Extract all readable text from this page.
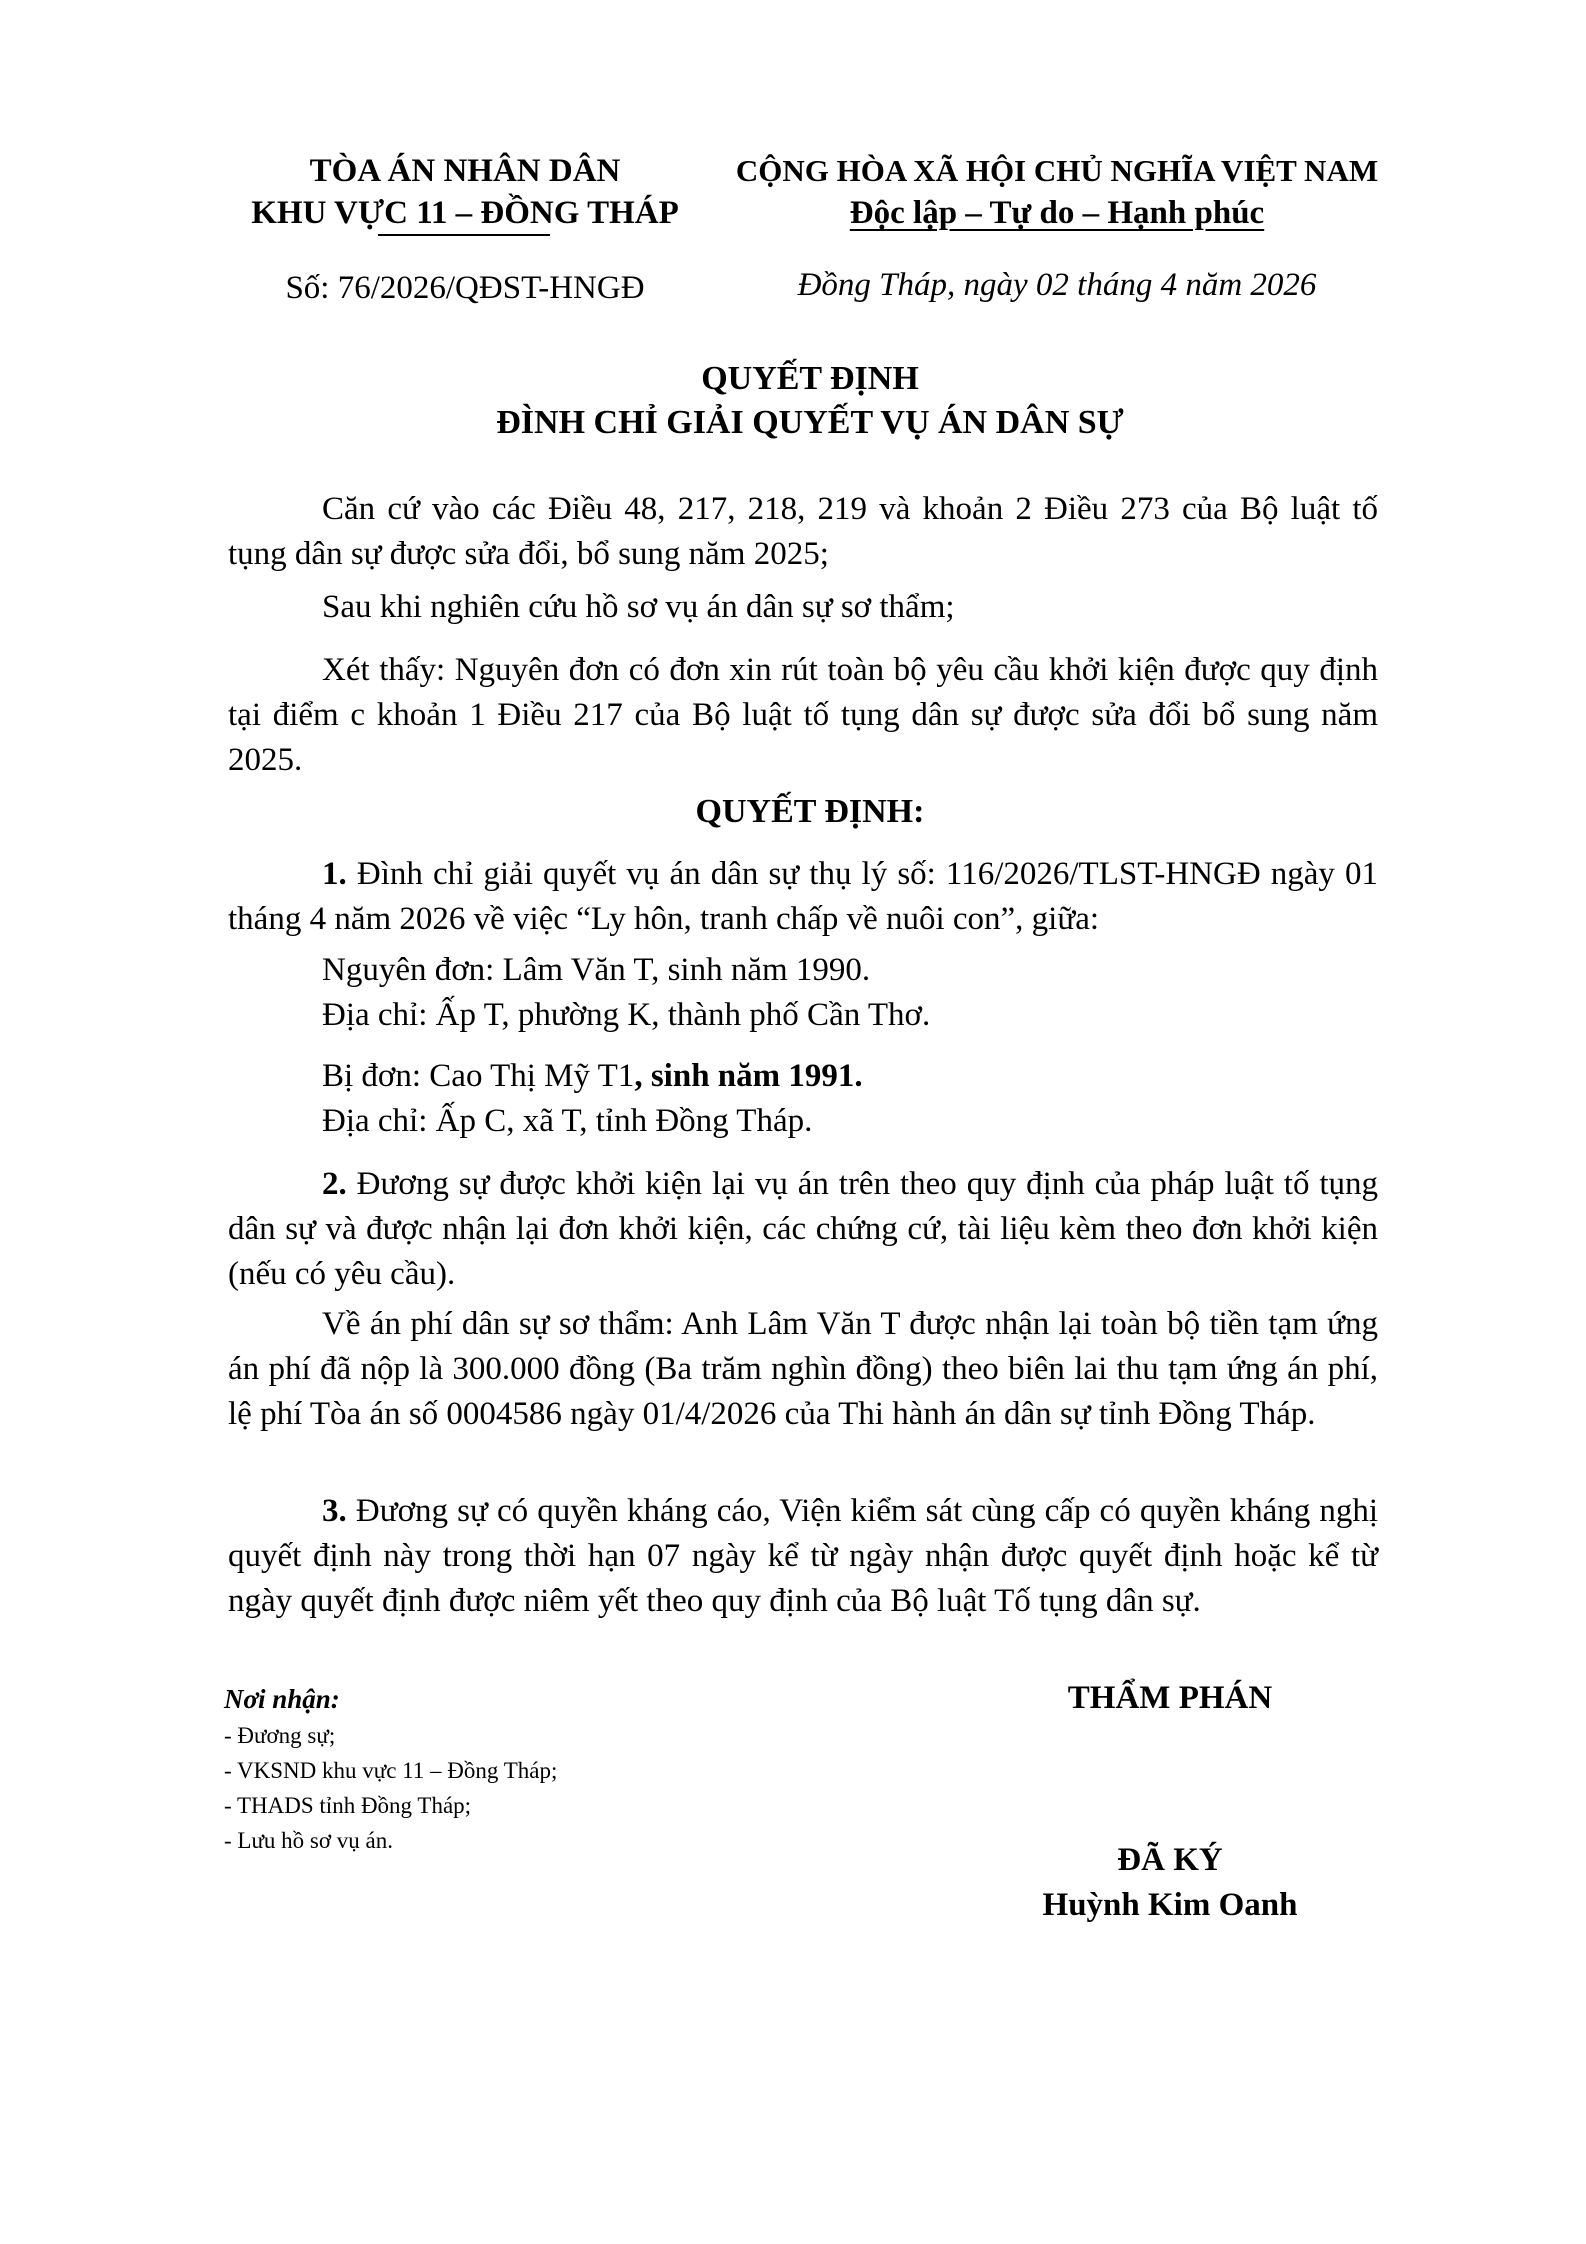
TÒA ÁN NHÂN DÂN
KHU VỰC 11 – ĐỒNG THÁP
CỘNG HÒA XÃ HỘI CHỦ NGHĨA VIỆT NAM
Độc lập – Tự do – Hạnh phúc
Số: 76/2026/QĐST-HNGĐ	Đồng Tháp, ngày 02 tháng 4 năm 2026
QUYẾT ĐỊNH
ĐÌNH CHỈ GIẢI QUYẾT VỤ ÁN DÂN SỰ

Căn cứ vào các Điều 48, 217, 218, 219 và khoản 2 Điều 273 của Bộ luật tố tụng dân sự được sửa đổi, bổ sung năm 2025;

Sau khi nghiên cứu hồ sơ vụ án dân sự sơ thẩm;

Xét thấy: Nguyên đơn có đơn xin rút toàn bộ yêu cầu khởi kiện được quy định tại điểm c khoản 1 Điều 217 của Bộ luật tố tụng dân sự được sửa đổi bổ sung năm 2025.

QUYẾT ĐỊNH:

1. Đình chỉ giải quyết vụ án dân sự thụ lý số: 116/2026/TLST-HNGĐ ngày 01 tháng 4 năm 2026 về việc “Ly hôn, tranh chấp về nuôi con”, giữa:

Nguyên đơn: Lâm Văn T, sinh năm 1990.
Địa chỉ: Ấp T, phường K, thành phố Cần Thơ.
Bị đơn: Cao Thị Mỹ T1, sinh năm 1991.
Địa chỉ: Ấp C, xã T, tỉnh Đồng Tháp.

2. Đương sự được khởi kiện lại vụ án trên theo quy định của pháp luật tố tụng dân sự và được nhận lại đơn khởi kiện, các chứng cứ, tài liệu kèm theo đơn khởi kiện (nếu có yêu cầu).

Về án phí dân sự sơ thẩm: Anh Lâm Văn T được nhận lại toàn bộ tiền tạm ứng án phí đã nộp là 300.000 đồng (Ba trăm nghìn đồng) theo biên lai thu tạm ứng án phí, lệ phí Tòa án số 0004586 ngày 01/4/2026 của Thi hành án dân sự tỉnh Đồng Tháp.

3. Đương sự có quyền kháng cáo, Viện kiểm sát cùng cấp có quyền kháng nghị quyết định này trong thời hạn 07 ngày kể từ ngày nhận được quyết định hoặc kể từ ngày quyết định được niêm yết theo quy định của Bộ luật Tố tụng dân sự.

Nơi nhận:
- Đương sự;
- VKSND khu vực 11 – Đồng Tháp;
- THADS tỉnh Đồng Tháp;
- Lưu hồ sơ vụ án.
THẨM PHÁN
ĐÃ KÝ
Huỳnh Kim Oanh
